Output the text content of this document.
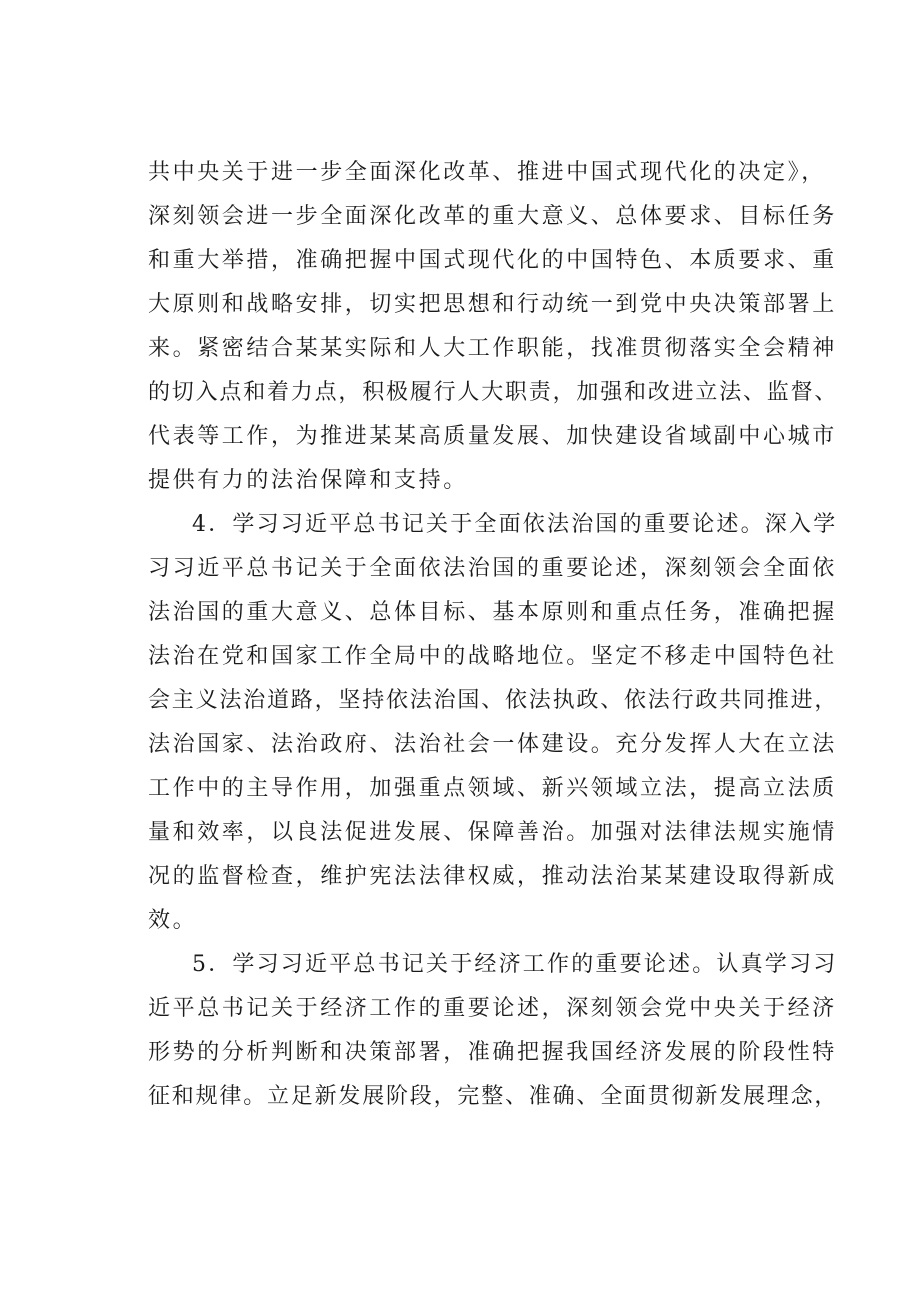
共中央关于进一步全面深化改革、推进中国式现代化的决定》，
深刻领会进一步全面深化改革的重大意义、总体要求、目标任务
和重大举措，准确把握中国式现代化的中国特色、本质要求、重
大原则和战略安排，切实把思想和行动统一到党中央决策部署上
来。紧密结合某某实际和人大工作职能，找准贯彻落实全会精神
的切入点和着力点，积极履行人大职责，加强和改进立法、监督、
代表等工作，为推进某某高质量发展、加快建设省域副中心城市
提供有力的法治保障和支持。
4．学习习近平总书记关于全面依法治国的重要论述。深入学
习习近平总书记关于全面依法治国的重要论述，深刻领会全面依
法治国的重大意义、总体目标、基本原则和重点任务，准确把握
法治在党和国家工作全局中的战略地位。坚定不移走中国特色社
会主义法治道路，坚持依法治国、依法执政、依法行政共同推进，
法治国家、法治政府、法治社会一体建设。充分发挥人大在立法
工作中的主导作用，加强重点领域、新兴领域立法，提高立法质
量和效率，以良法促进发展、保障善治。加强对法律法规实施情
况的监督检查，维护宪法法律权威，推动法治某某建设取得新成
效。
5．学习习近平总书记关于经济工作的重要论述。认真学习习
近平总书记关于经济工作的重要论述，深刻领会党中央关于经济
形势的分析判断和决策部署，准确把握我国经济发展的阶段性特
征和规律。立足新发展阶段，完整、准确、全面贯彻新发展理念，
